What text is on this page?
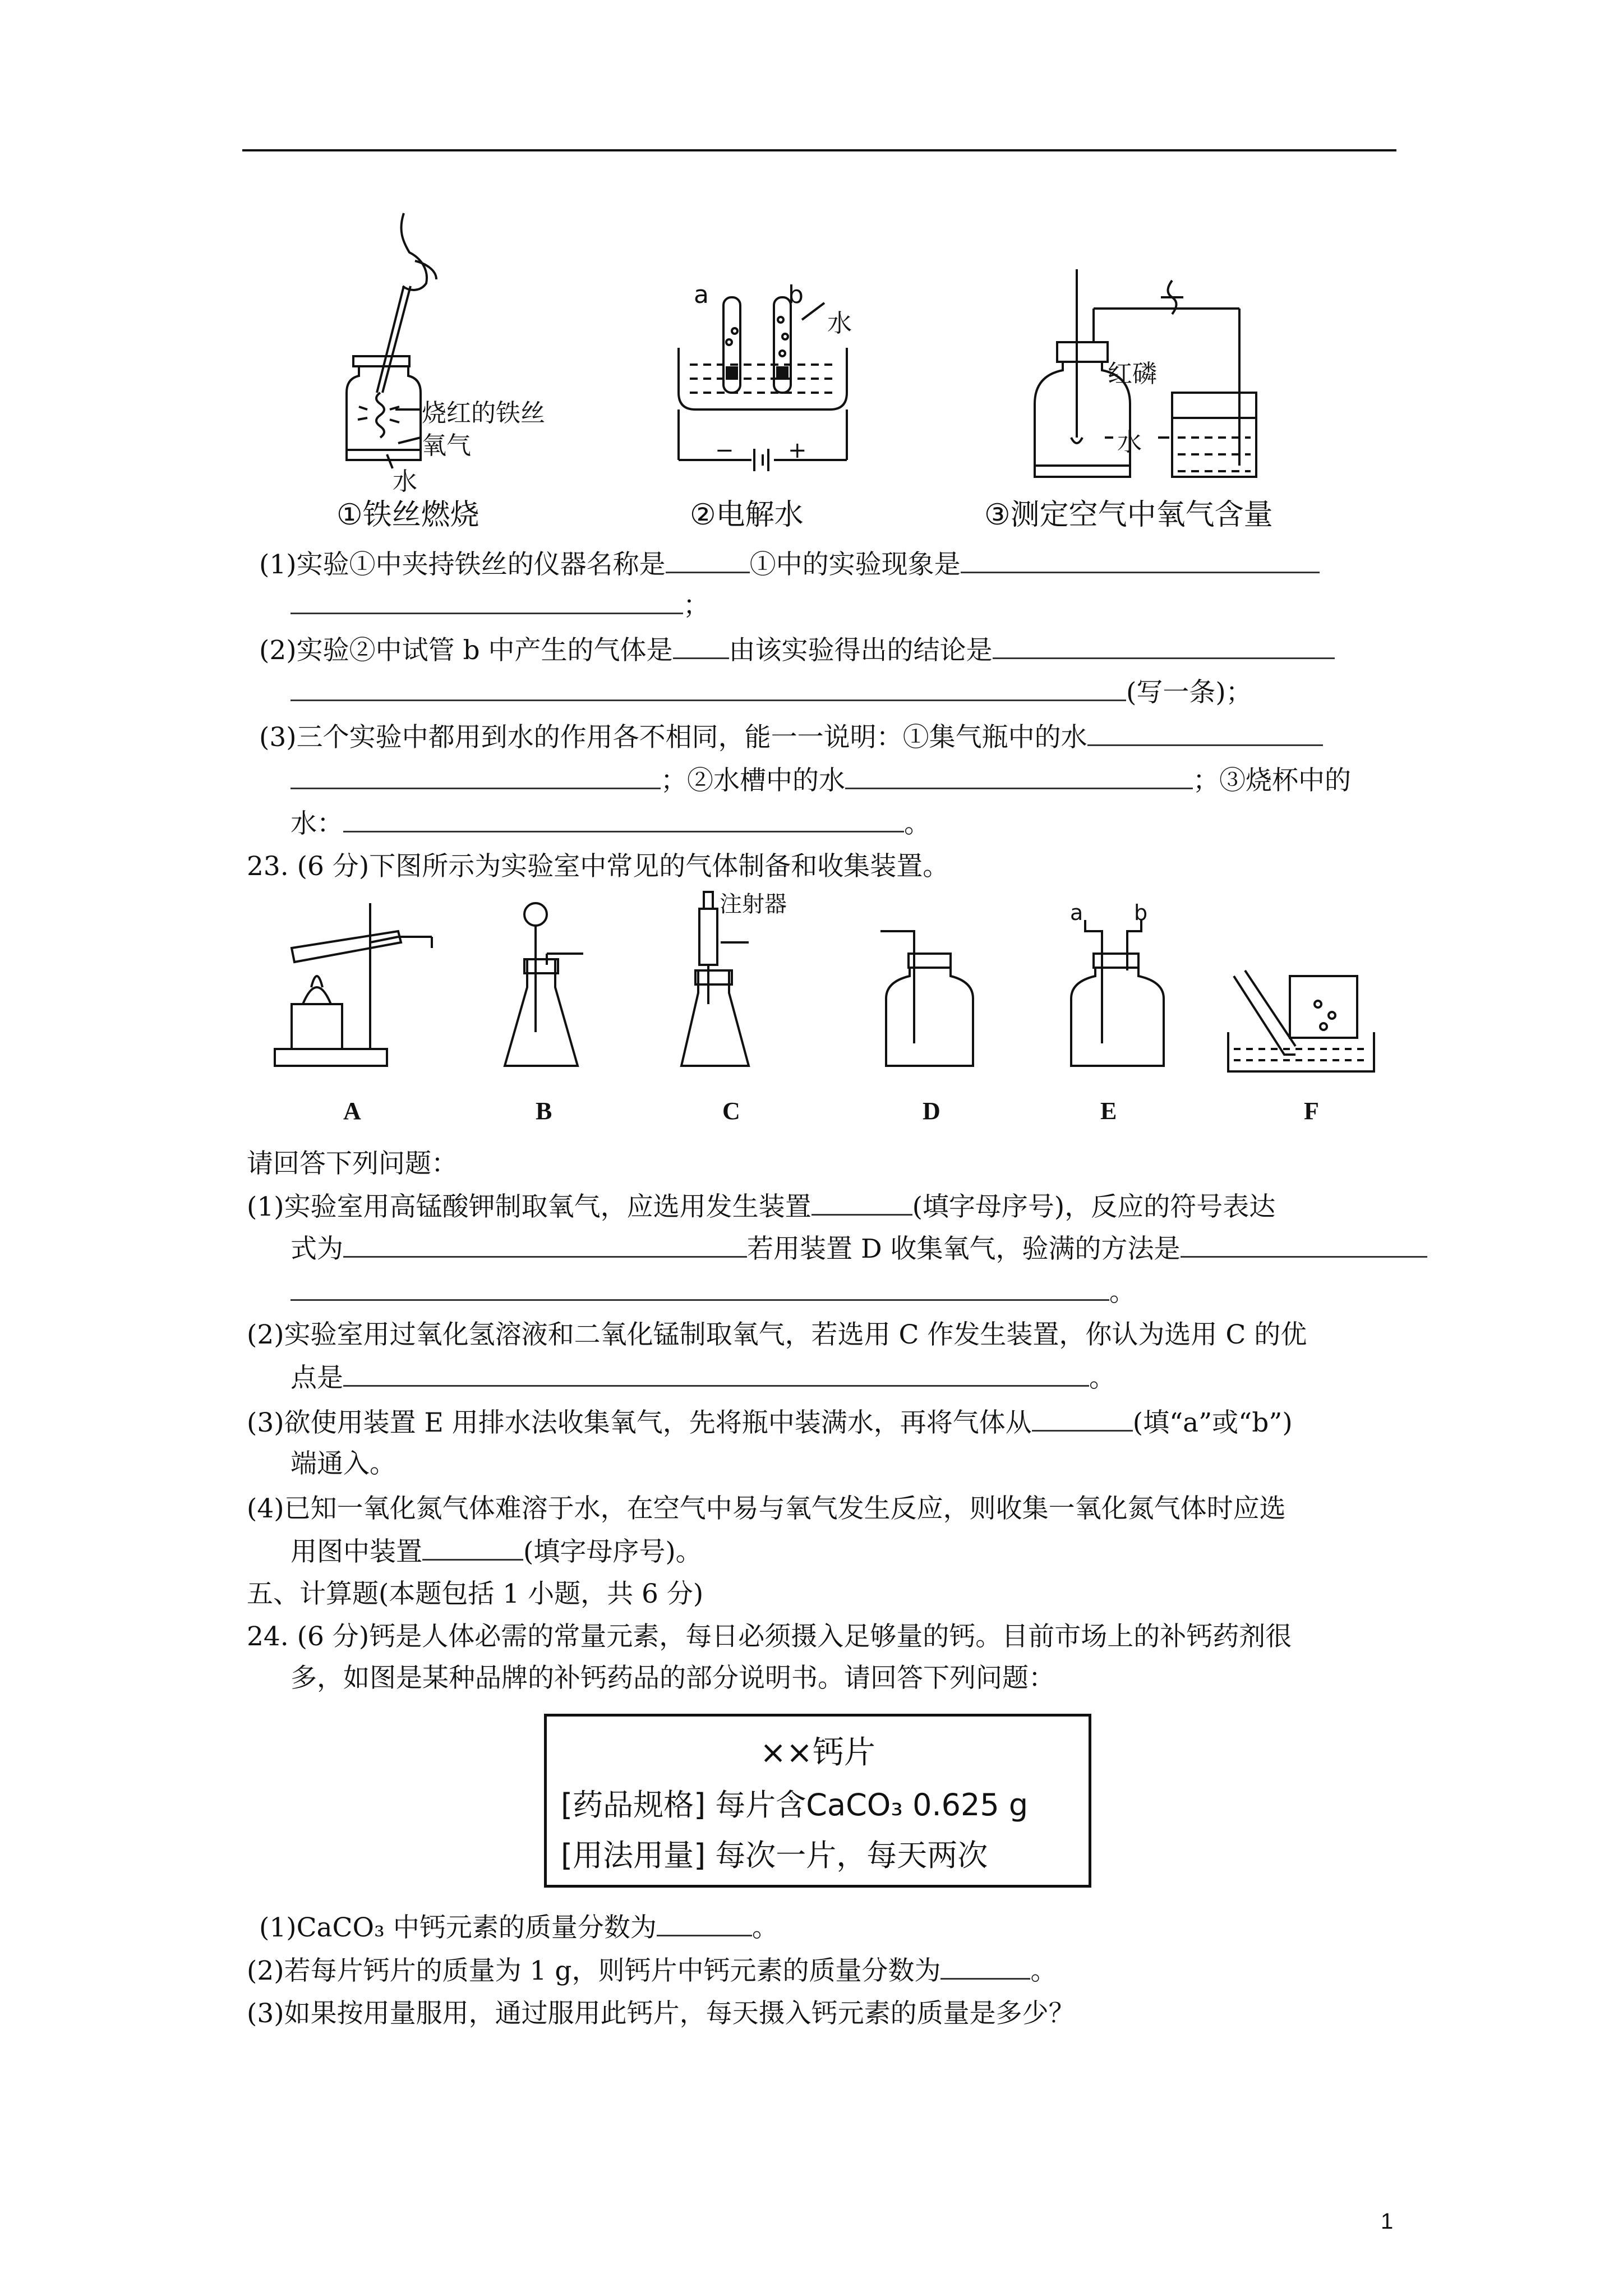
烧红的铁丝
氧气
水
①铁丝燃烧
a	b
水
− +
②电解水
红磷
水
③测定空气中氧气含量
(1)实验①中夹持铁丝的仪器名称是	①中的实验现象是
；
(2)实验②中试管 b 中产生的气体是 由该实验得出的结论是
(写一条)；
(3)三个实验中都用到水的作用各不相同，能一一说明：①集气瓶中的水
；②水槽中的水	；③烧杯中的
水：	。
23. (6 分)下图所示为实验室中常见的气体制备和收集装置。
注射器	a b
A	B	C	D	E	F
请回答下列问题：
(1)实验室用高锰酸钾制取氧气，应选用发生装置	(填字母序号)，反应的符号表达
式为	若用装置 D 收集氧气，验满的方法是
。
(2)实验室用过氧化氢溶液和二氧化锰制取氧气，若选用 C 作发生装置，你认为选用 C 的优
点是	。
(3)欲使用装置 E 用排水法收集氧气，先将瓶中装满水，再将气体从	(填“a”或“b”)
端通入。
(4)已知一氧化氮气体难溶于水，在空气中易与氧气发生反应，则收集一氧化氮气体时应选
用图中装置	(填字母序号)。
五、计算题(本题包括 1 小题，共 6 分)
24. (6 分)钙是人体必需的常量元素，每日必须摄入足够量的钙。目前市场上的补钙药剂很
多，如图是某种品牌的补钙药品的部分说明书。请回答下列问题：
××钙片
[药品规格] 每片含CaCO₃ 0.625 g
[用法用量] 每次一片，每天两次
(1)CaCO₃ 中钙元素的质量分数为	。
(2)若每片钙片的质量为 1 g，则钙片中钙元素的质量分数为	。
(3)如果按用量服用，通过服用此钙片，每天摄入钙元素的质量是多少？
1
